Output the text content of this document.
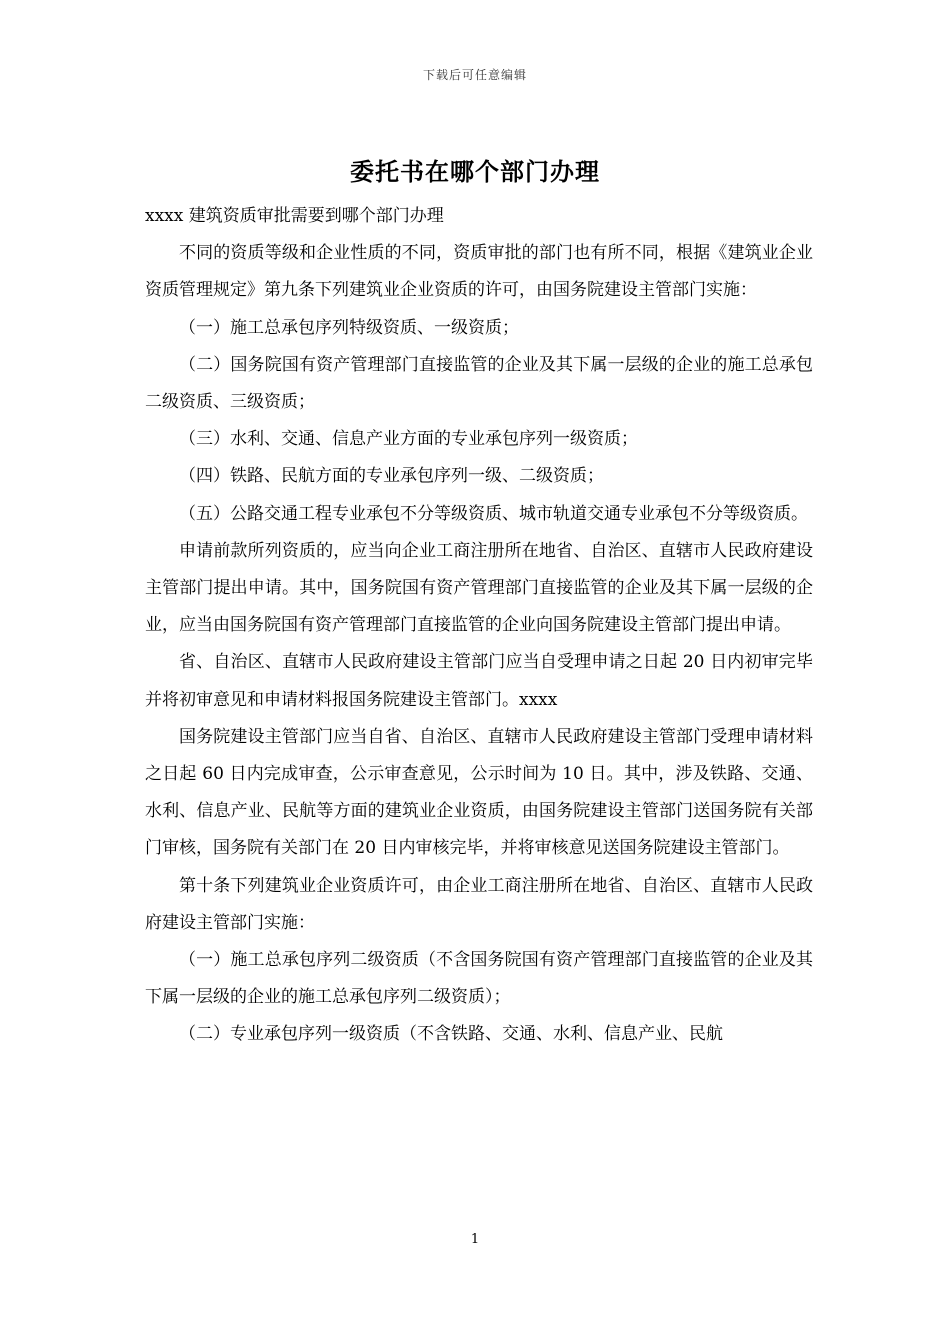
下载后可任意编辑
委托书在哪个部门办理

xxxx 建筑资质审批需要到哪个部门办理

不同的资质等级和企业性质的不同，资质审批的部门也有所不同，根据《建筑业企业资质管理规定》第九条下列建筑业企业资质的许可，由国务院建设主管部门实施：

（一）施工总承包序列特级资质、一级资质；

（二）国务院国有资产管理部门直接监管的企业及其下属一层级的企业的施工总承包二级资质、三级资质；

（三）水利、交通、信息产业方面的专业承包序列一级资质；

（四）铁路、民航方面的专业承包序列一级、二级资质；

（五）公路交通工程专业承包不分等级资质、城市轨道交通专业承包不分等级资质。

申请前款所列资质的，应当向企业工商注册所在地省、自治区、直辖市人民政府建设主管部门提出申请。其中，国务院国有资产管理部门直接监管的企业及其下属一层级的企业，应当由国务院国有资产管理部门直接监管的企业向国务院建设主管部门提出申请。

省、自治区、直辖市人民政府建设主管部门应当自受理申请之日起 20 日内初审完毕并将初审意见和申请材料报国务院建设主管部门。xxxx

国务院建设主管部门应当自省、自治区、直辖市人民政府建设主管部门受理申请材料之日起 60 日内完成审查，公示审查意见，公示时间为 10 日。其中，涉及铁路、交通、水利、信息产业、民航等方面的建筑业企业资质，由国务院建设主管部门送国务院有关部门审核，国务院有关部门在 20 日内审核完毕，并将审核意见送国务院建设主管部门。

第十条下列建筑业企业资质许可，由企业工商注册所在地省、自治区、直辖市人民政府建设主管部门实施：

（一）施工总承包序列二级资质（不含国务院国有资产管理部门直接监管的企业及其下属一层级的企业的施工总承包序列二级资质）；

（二）专业承包序列一级资质（不含铁路、交通、水利、信息产业、民航

1
